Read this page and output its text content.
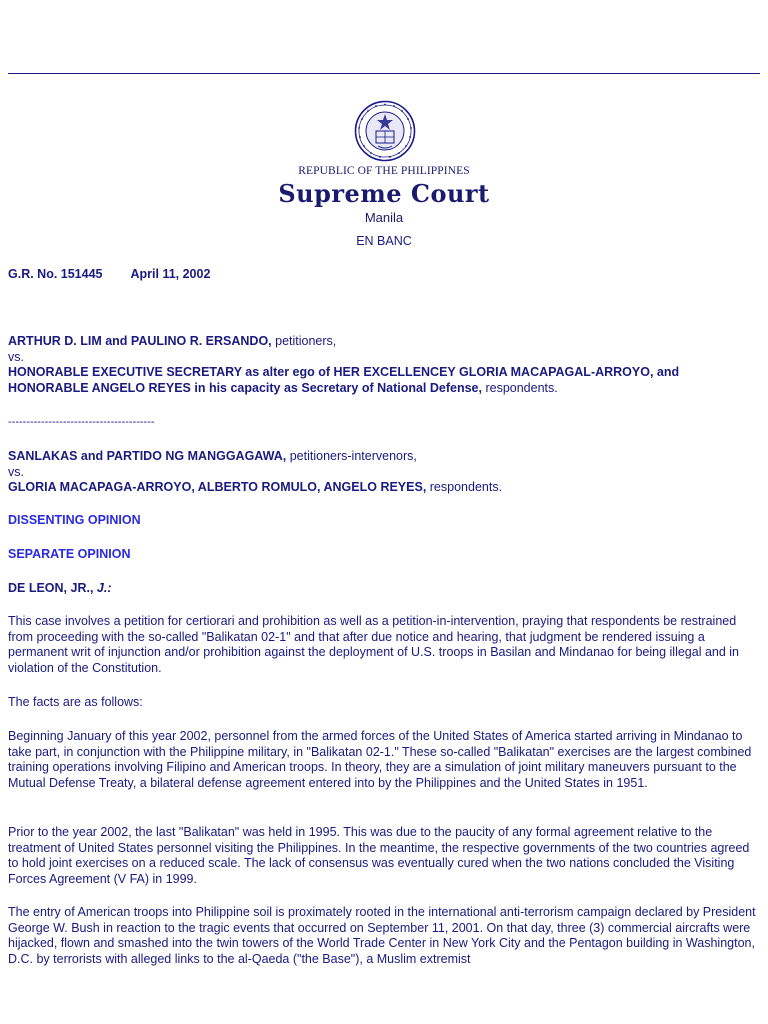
REPUBLIC OF THE PHILIPPINES
Supreme Court
Manila
EN BANC

G.R. No. 151445 April 11, 2002

ARTHUR D. LIM and PAULINO R. ERSANDO, petitioners,
vs.
HONORABLE EXECUTIVE SECRETARY as alter ego of HER EXCELLENCEY GLORIA MACAPAGAL-ARROYO, and HONORABLE ANGELO REYES in his capacity as Secretary of National Defense, respondents.

----------------------------------------

SANLAKAS and PARTIDO NG MANGGAGAWA, petitioners-intervenors,
vs.
GLORIA MACAPAGA-ARROYO, ALBERTO ROMULO, ANGELO REYES, respondents.

DISSENTING OPINION

SEPARATE OPINION

DE LEON, JR., J.:

This case involves a petition for certiorari and prohibition as well as a petition-in-intervention, praying that respondents be restrained from proceeding with the so-called "Balikatan 02-1" and that after due notice and hearing, that judgment be rendered issuing a permanent writ of injunction and/or prohibition against the deployment of U.S. troops in Basilan and Mindanao for being illegal and in violation of the Constitution.

The facts are as follows:

Beginning January of this year 2002, personnel from the armed forces of the United States of America started arriving in Mindanao to take part, in conjunction with the Philippine military, in "Balikatan 02-1." These so-called "Balikatan" exercises are the largest combined training operations involving Filipino and American troops. In theory, they are a simulation of joint military maneuvers pursuant to the Mutual Defense Treaty, a bilateral defense agreement entered into by the Philippines and the United States in 1951.

Prior to the year 2002, the last "Balikatan" was held in 1995. This was due to the paucity of any formal agreement relative to the treatment of United States personnel visiting the Philippines. In the meantime, the respective governments of the two countries agreed to hold joint exercises on a reduced scale. The lack of consensus was eventually cured when the two nations concluded the Visiting Forces Agreement (V FA) in 1999.

The entry of American troops into Philippine soil is proximately rooted in the international anti-terrorism campaign declared by President George W. Bush in reaction to the tragic events that occurred on September 11, 2001. On that day, three (3) commercial aircrafts were hijacked, flown and smashed into the twin towers of the World Trade Center in New York City and the Pentagon building in Washington, D.C. by terrorists with alleged links to the al-Qaeda ("the Base"), a Muslim extremist
